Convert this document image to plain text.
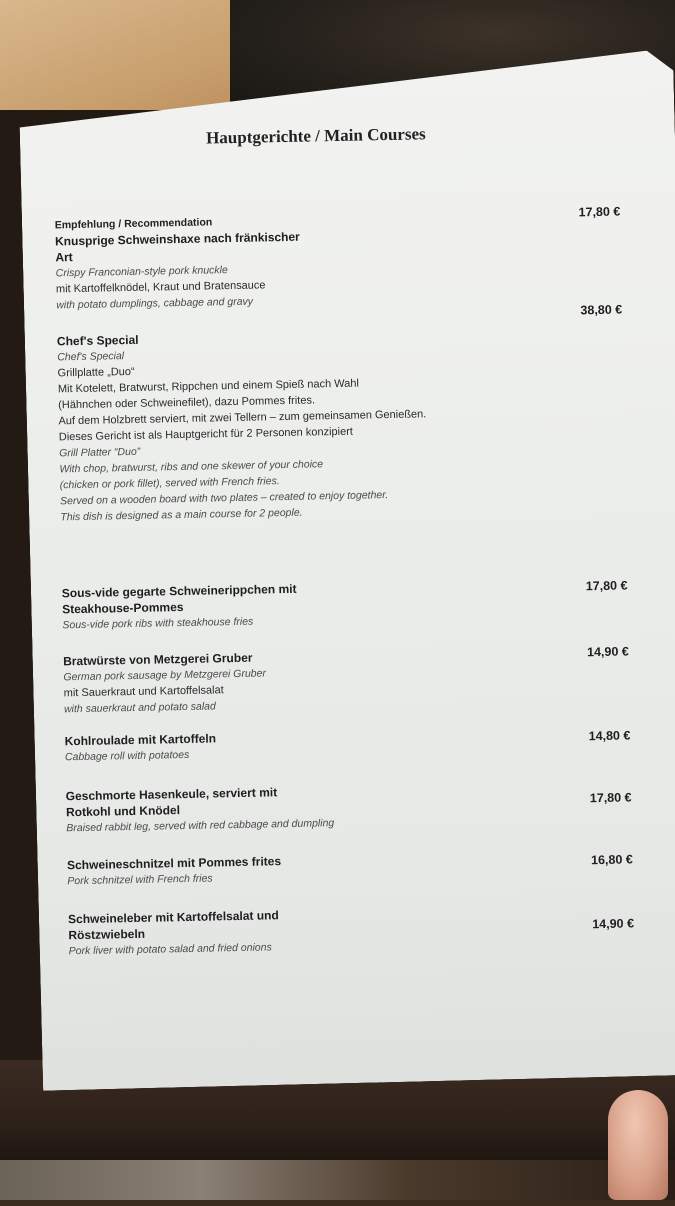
Hauptgerichte / Main Courses
Empfehlung / Recommendation
Knusprige Schweinshaxe nach fränkischer
Art
Crispy Franconian-style pork knuckle
mit Kartoffelknödel, Kraut und Bratensauce
with potato dumplings, cabbage and gravy
17,80 €
Chef's Special
Chef's Special
Grillplatte „Duo“
Mit Kotelett, Bratwurst, Rippchen und einem Spieß nach Wahl
(Hähnchen oder Schweinefilet), dazu Pommes frites.
Auf dem Holzbrett serviert, mit zwei Tellern – zum gemeinsamen Genießen.
Dieses Gericht ist als Hauptgericht für 2 Personen konzipiert
Grill Platter “Duo”
With chop, bratwurst, ribs and one skewer of your choice
(chicken or pork fillet), served with French fries.
Served on a wooden board with two plates – created to enjoy together.
This dish is designed as a main course for 2 people.
38,80 €
Sous-vide gegarte Schweinerippchen mit
Steakhouse-Pommes
Sous-vide pork ribs with steakhouse fries
17,80 €
Bratwürste von Metzgerei Gruber
German pork sausage by Metzgerei Gruber
mit Sauerkraut und Kartoffelsalat
with sauerkraut and potato salad
14,90 €
Kohlroulade mit Kartoffeln
Cabbage roll with potatoes
14,80 €
Geschmorte Hasenkeule, serviert mit
Rotkohl und Knödel
Braised rabbit leg, served with red cabbage and dumpling
17,80 €
Schweineschnitzel mit Pommes frites
Pork schnitzel with French fries
16,80 €
Schweineleber mit Kartoffelsalat und
Röstzwiebeln
Pork liver with potato salad and fried onions
14,90 €
